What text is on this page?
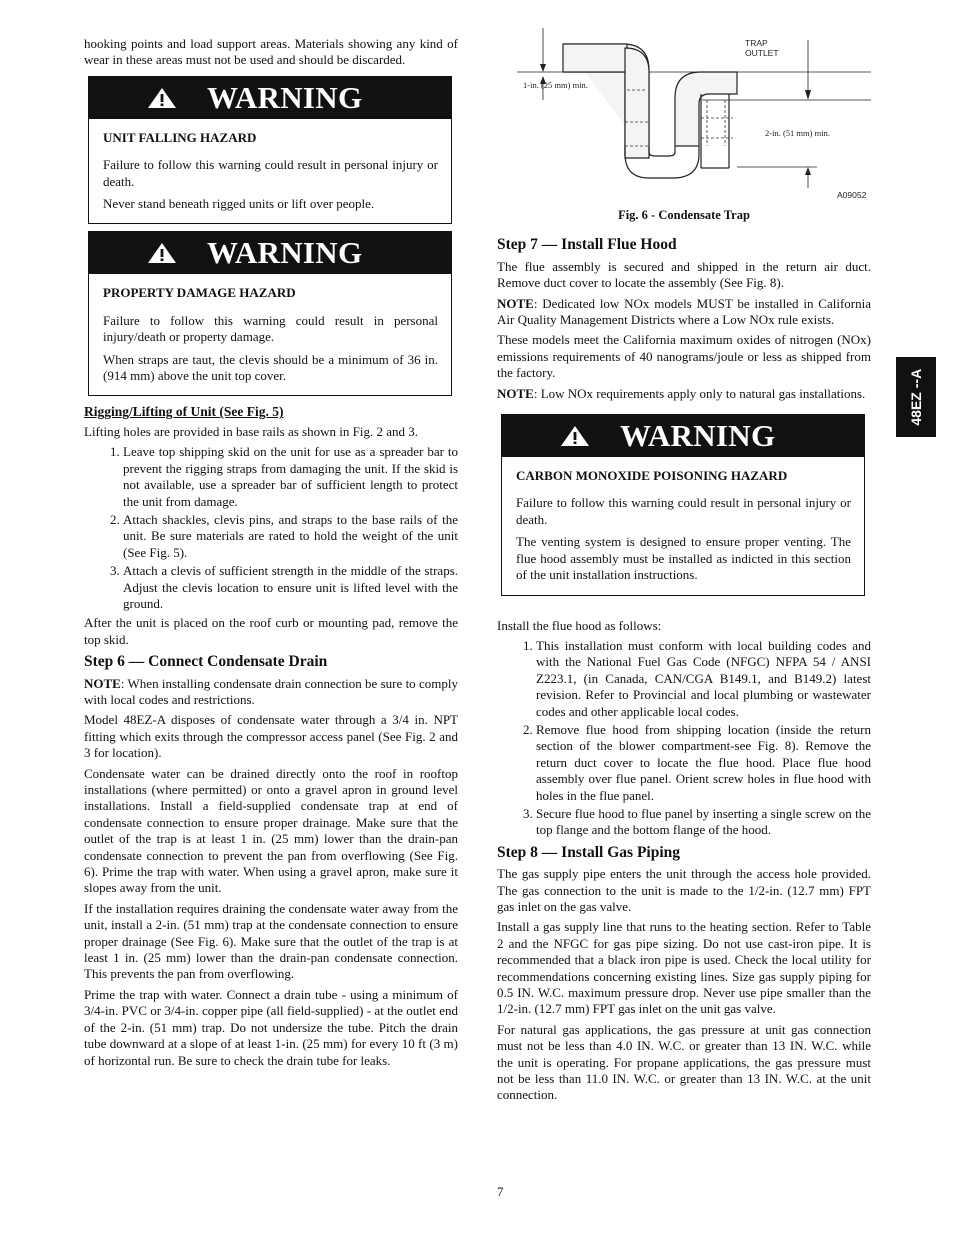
hooking points and load support areas. Materials showing any kind of wear in these areas must not be used and should be discarded.

WARNING
UNIT FALLING HAZARD

Failure to follow this warning could result in personal injury or death.

Never stand beneath rigged units or lift over people.

WARNING
PROPERTY DAMAGE HAZARD

Failure to follow this warning could result in personal injury/death or property damage.

When straps are taut, the clevis should be a minimum of 36 in. (914 mm) above the unit top cover.

Rigging/Lifting of Unit (See Fig. 5)

Lifting holes are provided in base rails as shown in Fig. 2 and 3.

1. Leave top shipping skid on the unit for use as a spreader bar to prevent the rigging straps from damaging the unit. If the skid is not available, use a spreader bar of sufficient length to protect the unit from damage.
2. Attach shackles, clevis pins, and straps to the base rails of the unit. Be sure materials are rated to hold the weight of the unit (See Fig. 5).
3. Attach a clevis of sufficient strength in the middle of the straps. Adjust the clevis location to ensure unit is lifted level with the ground.

After the unit is placed on the roof curb or mounting pad, remove the top skid.

Step 6 — Connect Condensate Drain

NOTE: When installing condensate drain connection be sure to comply with local codes and restrictions.

Model 48EZ‑A disposes of condensate water through a 3/4 in. NPT fitting which exits through the compressor access panel (See Fig. 2 and 3 for location).

Condensate water can be drained directly onto the roof in rooftop installations (where permitted) or onto a gravel apron in ground level installations. Install a field‑supplied condensate trap at end of condensate connection to ensure proper drainage. Make sure that the outlet of the trap is at least 1 in. (25 mm) lower than the drain‑pan condensate connection to prevent the pan from overflowing (See Fig. 6). Prime the trap with water. When using a gravel apron, make sure it slopes away from the unit.

If the installation requires draining the condensate water away from the unit, install a 2‑in. (51 mm) trap at the condensate connection to ensure proper drainage (See Fig. 6). Make sure that the outlet of the trap is at least 1 in. (25 mm) lower than the drain‑pan condensate connection. This prevents the pan from overflowing.

Prime the trap with water. Connect a drain tube ‑ using a minimum of 3/4‑in. PVC or 3/4‑in. copper pipe (all field‑supplied) ‑ at the outlet end of the 2‑in. (51 mm) trap. Do not undersize the tube. Pitch the drain tube downward at a slope of at least 1‑in. (25 mm) for every 10 ft (3 m) of horizontal run. Be sure to check the drain tube for leaks.

TRAP
OUTLET
1-in. (25 mm) min.
2-in. (51 mm) min.
A09052
Fig. 6 ‑ Condensate Trap
Step 7 — Install Flue Hood

The flue assembly is secured and shipped in the return air duct. Remove duct cover to locate the assembly (See Fig. 8).

NOTE: Dedicated low NOx models MUST be installed in California Air Quality Management Districts where a Low NOx rule exists.

These models meet the California maximum oxides of nitrogen (NOx) emissions requirements of 40 nanograms/joule or less as shipped from the factory.

NOTE: Low NOx requirements apply only to natural gas installations.

WARNING
CARBON MONOXIDE POISONING HAZARD

Failure to follow this warning could result in personal injury or death.

The venting system is designed to ensure proper venting. The flue hood assembly must be installed as indicted in this section of the unit installation instructions.

Install the flue hood as follows:

1. This installation must conform with local building codes and with the National Fuel Gas Code (NFGC) NFPA 54 / ANSI Z223.1, (in Canada, CAN/CGA B149.1, and B149.2) latest revision. Refer to Provincial and local plumbing or wastewater codes and other applicable local codes.
2. Remove flue hood from shipping location (inside the return section of the blower compartment‑see Fig. 8). Remove the return duct cover to locate the flue hood. Place flue hood assembly over flue panel. Orient screw holes in flue hood with holes in the flue panel.
3. Secure flue hood to flue panel by inserting a single screw on the top flange and the bottom flange of the hood.
Step 8 — Install Gas Piping

The gas supply pipe enters the unit through the access hole provided. The gas connection to the unit is made to the 1/2‑in. (12.7 mm) FPT gas inlet on the gas valve.

Install a gas supply line that runs to the heating section. Refer to Table 2 and the NFGC for gas pipe sizing. Do not use cast‑iron pipe. It is recommended that a black iron pipe is used. Check the local utility for recommendations concerning existing lines. Size gas supply piping for 0.5 IN. W.C. maximum pressure drop. Never use pipe smaller than the 1/2‑in. (12.7 mm) FPT gas inlet on the unit gas valve.

For natural gas applications, the gas pressure at unit gas connection must not be less than 4.0 IN. W.C. or greater than 13 IN. W.C. while the unit is operating. For propane applications, the gas pressure must not be less than 11.0 IN. W.C. or greater than 13 IN. W.C. at the unit connection.

48EZ ‑‑A
7
